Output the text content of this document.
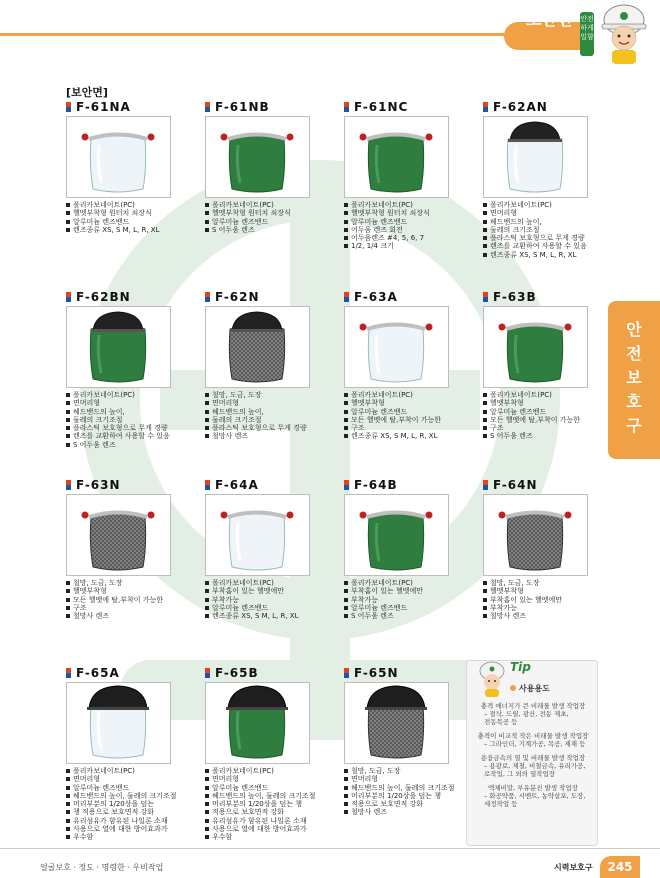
보안면	안전
하게
일함
[보안면]
F-61NA
폴리카보네이트(PC)
헬멧부착형 원터치 쇠장식
알루미늄 렌즈밴드
렌즈종류 XS, S M, L, R, XL
F-61NB
폴리카보네이트(PC)
헬멧부착형 원터치 쇠장식
알루미늄 렌즈밴드
S 어두움 렌즈
F-61NC
폴리카보네이트(PC)
헬멧부착형 원터치 쇠장식
알루미늄 렌즈밴드
어두움 렌즈 회전
어두움렌즈 #4, 5, 6, 7
1/2, 1/4 크기
F-62AN
폴리카보네이트(PC)
면머리형
헤드밴드의 높이,
둘레의 크기조절
플라스틱 보호형으로 무게 경량
렌즈를 교환하여 사용할 수 있음
렌즈종류 XS, S M, L, R, XL
F-62BN
폴리카보네이트(PC)
면머리형
헤드밴드의 높이,
둘레의 크기조절
플라스틱 보호형으로 무게 경량
렌즈를 교환하여 사용할 수 있음
S 어두움 렌즈
F-62N
철망, 도금, 도장
면머리형
헤드밴드의 높이,
둘레의 크기조절
플라스틱 보호형으로 무게 경량
철망사 렌즈
F-63A
폴리카보네이트(PC)
헬멧부착형
알루미늄 렌즈밴드
모든 헬멧에 탈,부착이 가능한
구조
렌즈종류 XS, S M, L, R, XL
F-63B
폴리카보네이트(PC)
헬멧부착형
알루미늄 렌즈밴드
모든 헬멧에 탈,부착이 가능한
구조
S 어두움 렌즈
F-63N
철망, 도금, 도장
헬멧부착형
모든 헬멧에 탈,부착이 가능한
구조
철망사 렌즈
F-64A
폴리카보네이트(PC)
부착홈이 있는 헬멧에만
부착가능
알루미늄 렌즈밴드
렌즈종류 XS, S M, L, R, XL
F-64B
폴리카보네이트(PC)
부착홈이 있는 헬멧에만
부착가능
알루미늄 렌즈밴드
S 어두움 렌즈
F-64N
철망, 도금, 도장
헬멧부착형
부착홈이 있는 헬멧에만
부착가능
철망사 렌즈
F-65A
폴리카보네이트(PC)
면머리형
알루미늄 렌즈밴드
헤드밴드의 높이, 둘레의 크기조절
머리부분의 1/20상을 덮는
챙 적용으로 보호면적 강화
유리섬유가 함유된 나일론 소재
사용으로 열에 대한 방어효과가
우수함
F-65B
폴리카보네이트(PC)
면머리형
알루미늄 렌즈밴드
헤드밴드의 높이, 둘레의 크기조절
머리부분의 1/20상을 덮는 챙
적용으로 보호면적 강화
유리섬유가 함유된 나일론 소재
사용으로 열에 대한 방어효과가
우수함
F-65N
철망, 도금, 도장
면머리형
헤드밴드의 높이, 둘레의 크기조절
머리부분의 1/20상을 덮는 챙
적용으로 보호면적 강화
철망사 렌즈
안
전
보
호
구
Tip
사용용도
충격 에너지가 큰 비래물 발생 작업장
– 절삭, 드릴, 광산, 전동 제초,
전동목공 등
충격이 비교적 작은 비래물 발생 작업장
– 그라인더, 기계가공, 목공, 제재 등
용융금속의 열 및 비래물 발생 작업장
– 용광로, 제철, 비철금속, 유리가공,
로작업, 그 외의 열작업장
액체비말, 부유분진 발생 작업장
– 화공약품, 시멘트, 농약살포, 도장,
세정작업 등
얼굴보호 · 정도 · 명령한 · 우비작업	시력보호구	245
